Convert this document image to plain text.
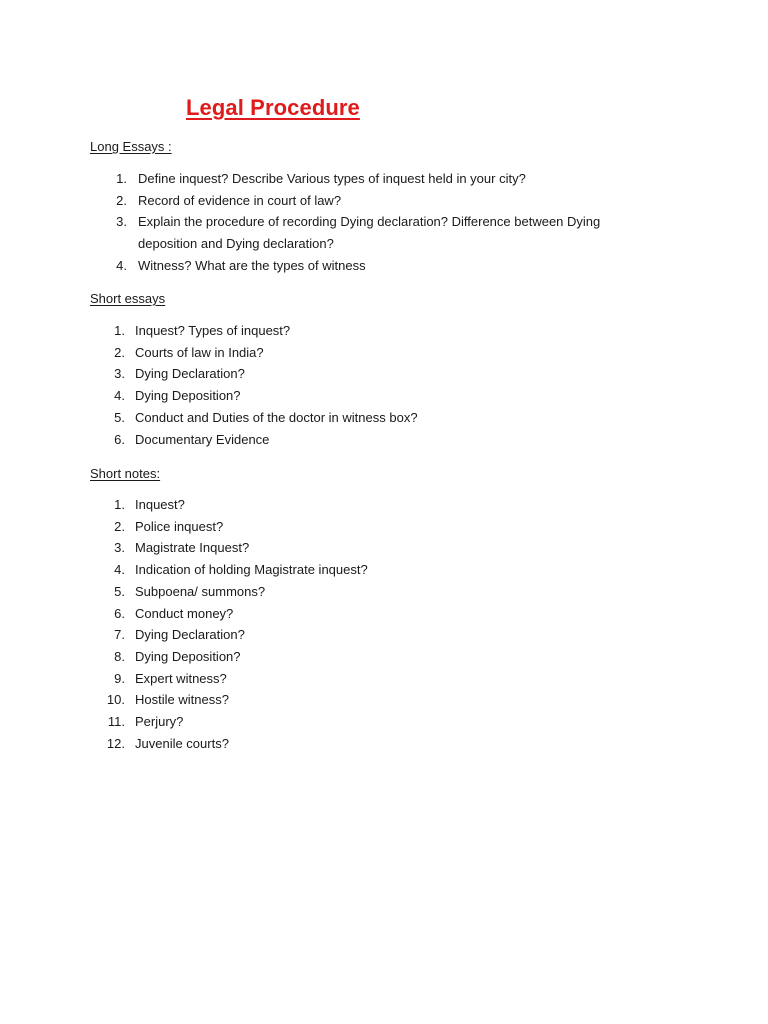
Legal Procedure
Long Essays :
1. Define inquest? Describe Various types of inquest held in your city?
2. Record of evidence in court of law?
3. Explain the procedure of recording Dying declaration? Difference between Dying deposition and Dying declaration?
4. Witness? What are the types of witness
Short essays
1. Inquest? Types of inquest?
2. Courts of law in India?
3. Dying Declaration?
4. Dying Deposition?
5. Conduct and Duties of the doctor in witness box?
6. Documentary Evidence
Short notes:
1. Inquest?
2. Police inquest?
3. Magistrate Inquest?
4. Indication of holding Magistrate inquest?
5. Subpoena/ summons?
6. Conduct money?
7. Dying Declaration?
8. Dying Deposition?
9. Expert witness?
10. Hostile witness?
11. Perjury?
12. Juvenile courts?
